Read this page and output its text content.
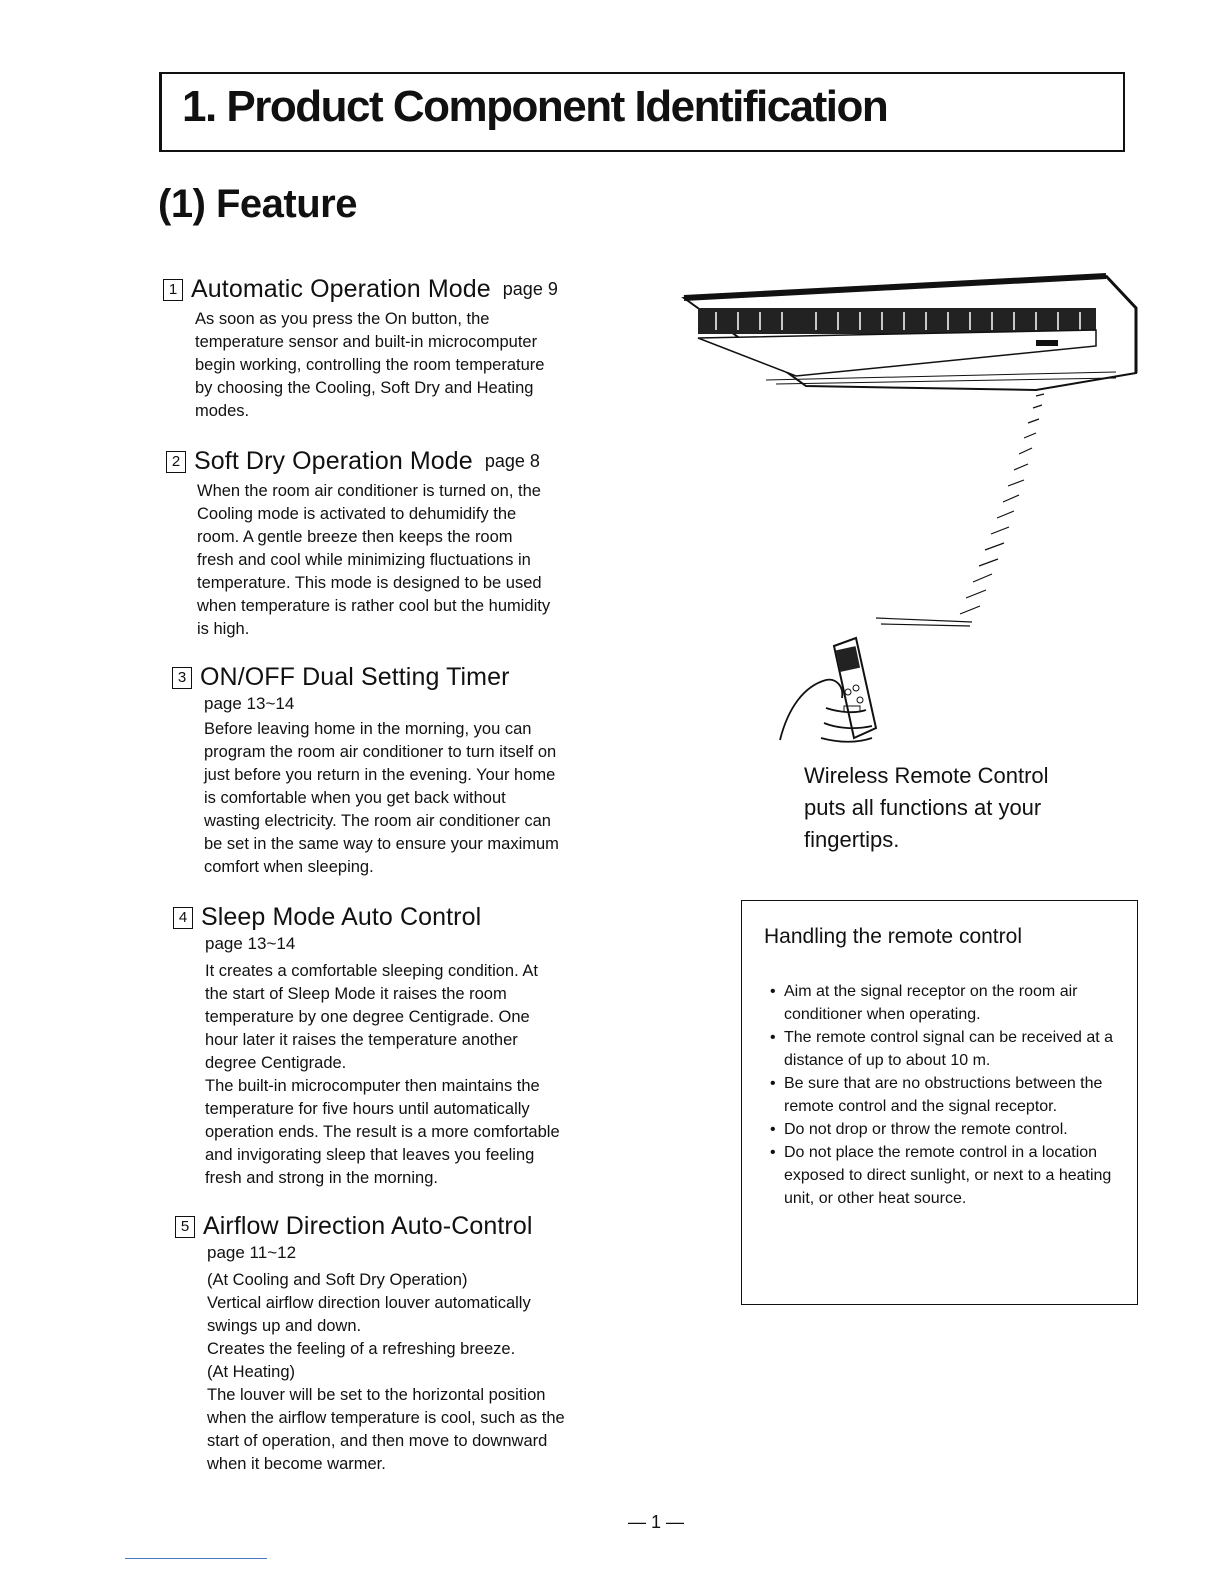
1. Product Component Identification
(1) Feature
1 Automatic Operation Mode page 9
As soon as you press the On button, the
temperature sensor and built-in microcomputer
begin working, controlling the room temperature
by choosing the Cooling, Soft Dry and Heating
modes.
2 Soft Dry Operation Mode page 8
When the room air conditioner is turned on, the
Cooling mode is activated to dehumidify the
room. A gentle breeze then keeps the room
fresh and cool while minimizing fluctuations in
temperature. This mode is designed to be used
when temperature is rather cool but the humidity
is high.
3 ON/OFF Dual Setting Timer
page 13~14
Before leaving home in the morning, you can
program the room air conditioner to turn itself on
just before you return in the evening. Your home
is comfortable when you get back without
wasting electricity. The room air conditioner can
be set in the same way to ensure your maximum
comfort when sleeping.
4 Sleep Mode Auto Control
page 13~14
It creates a comfortable sleeping condition. At
the start of Sleep Mode it raises the room
temperature by one degree Centigrade. One
hour later it raises the temperature another
degree Centigrade.
The built-in microcomputer then maintains the
temperature for five hours until automatically
operation ends. The result is a more comfortable
and invigorating sleep that leaves you feeling
fresh and strong in the morning.
5 Airflow Direction Auto-Control
page 11~12
(At Cooling and Soft Dry Operation)
Vertical airflow direction louver automatically
swings up and down.
Creates the feeling of a refreshing breeze.
(At Heating)
The louver will be set to the horizontal position
when the airflow temperature is cool, such as the
start of operation, and then move to downward
when it become warmer.
Wireless Remote Control
puts all functions at your
fingertips.
Handling the remote control
• Aim at the signal receptor on the room air conditioner when operating.
• The remote control signal can be received at a distance of up to about 10 m.
• Be sure that are no obstructions between the remote control and the signal receptor.
• Do not drop or throw the remote control.
• Do not place the remote control in a location exposed to direct sunlight, or next to a heating unit, or other heat source.
— 1 —
